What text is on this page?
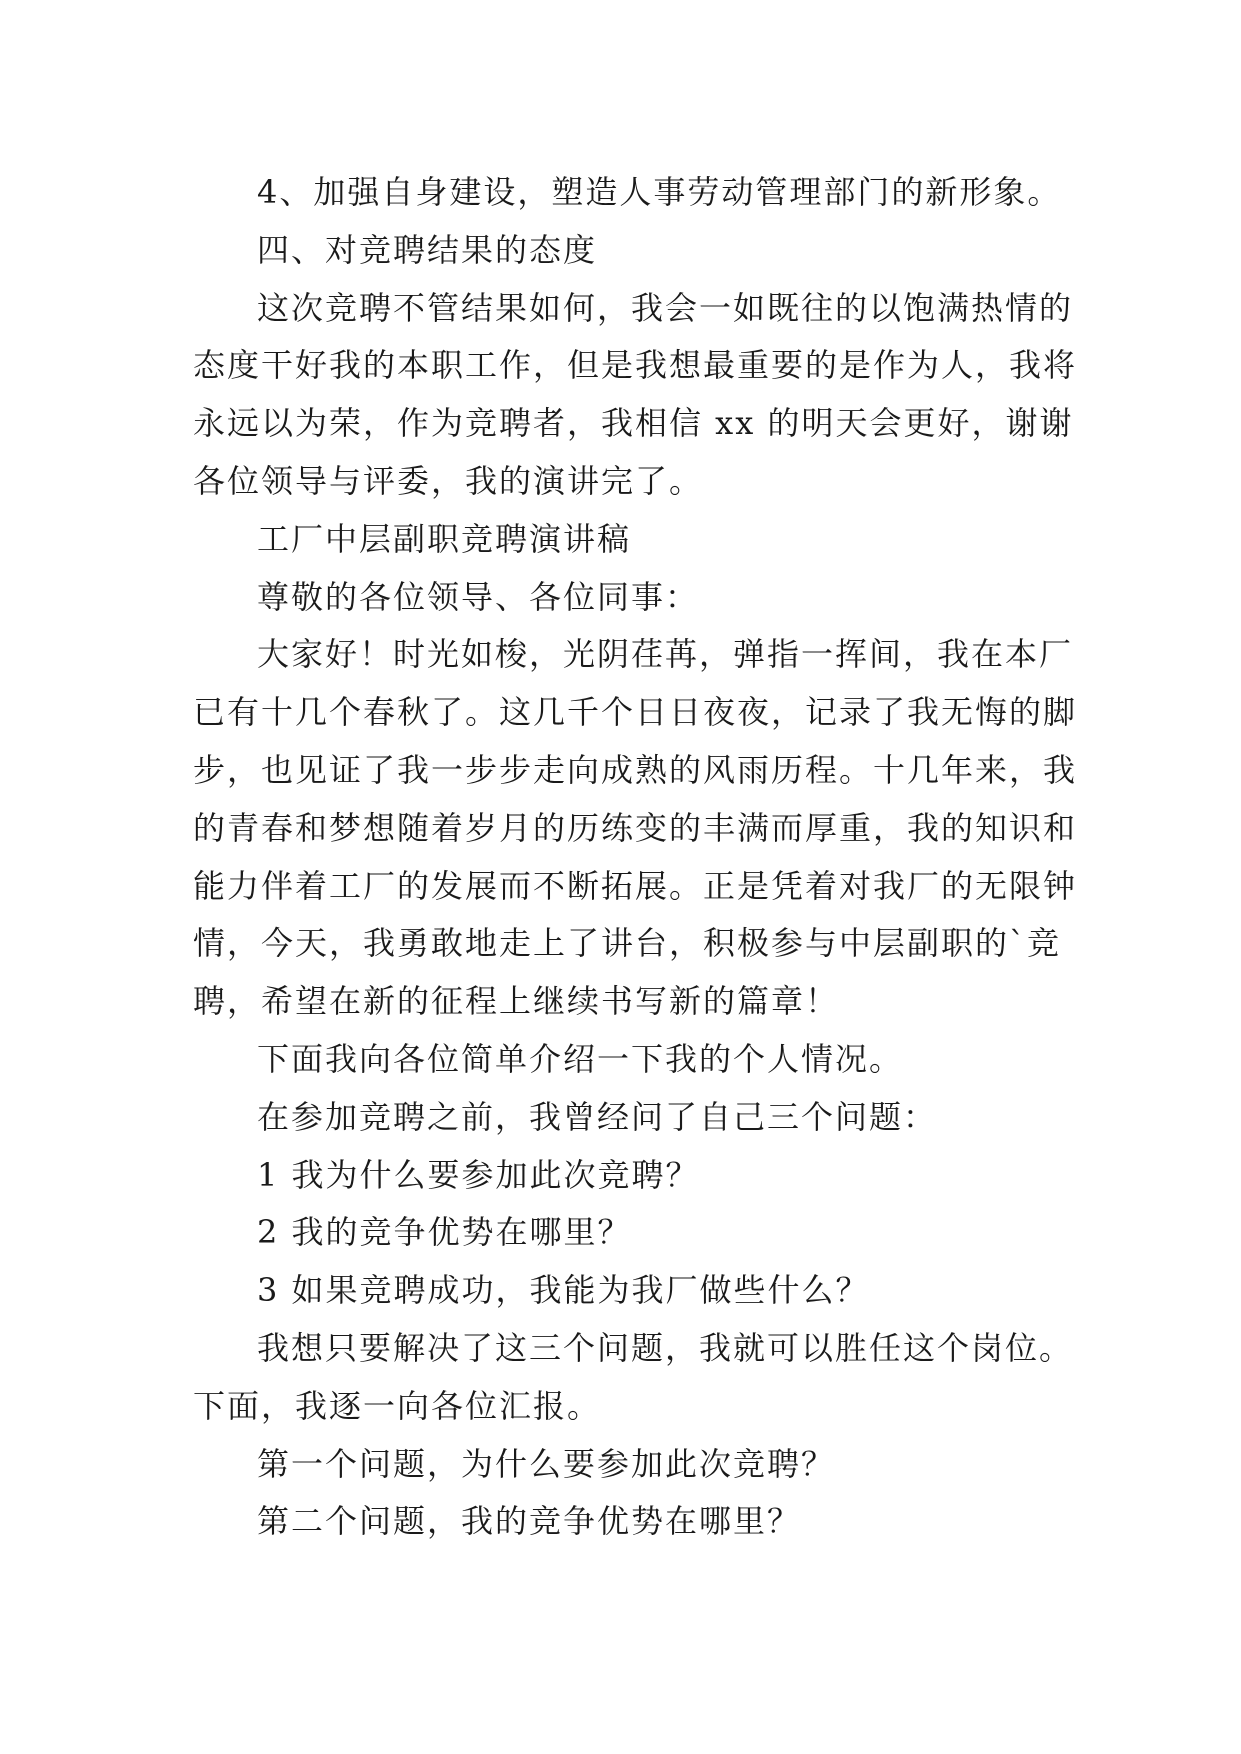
4、加强自身建设，塑造人事劳动管理部门的新形象。
四、对竞聘结果的态度
这次竞聘不管结果如何，我会一如既往的以饱满热情的
态度干好我的本职工作，但是我想最重要的是作为人，我将
永远以为荣，作为竞聘者，我相信 xx 的明天会更好，谢谢
各位领导与评委，我的演讲完了。
工厂中层副职竞聘演讲稿
尊敬的各位领导、各位同事：
大家好！时光如梭，光阴荏苒，弹指一挥间，我在本厂
已有十几个春秋了。这几千个日日夜夜，记录了我无悔的脚
步，也见证了我一步步走向成熟的风雨历程。十几年来，我
的青春和梦想随着岁月的历练变的丰满而厚重，我的知识和
能力伴着工厂的发展而不断拓展。正是凭着对我厂的无限钟
情，今天，我勇敢地走上了讲台，积极参与中层副职的`竞
聘，希望在新的征程上继续书写新的篇章！
下面我向各位简单介绍一下我的个人情况。
在参加竞聘之前，我曾经问了自己三个问题：
1 我为什么要参加此次竞聘？
2 我的竞争优势在哪里？
3 如果竞聘成功，我能为我厂做些什么？
我想只要解决了这三个问题，我就可以胜任这个岗位。
下面，我逐一向各位汇报。
第一个问题，为什么要参加此次竞聘？
第二个问题，我的竞争优势在哪里？
